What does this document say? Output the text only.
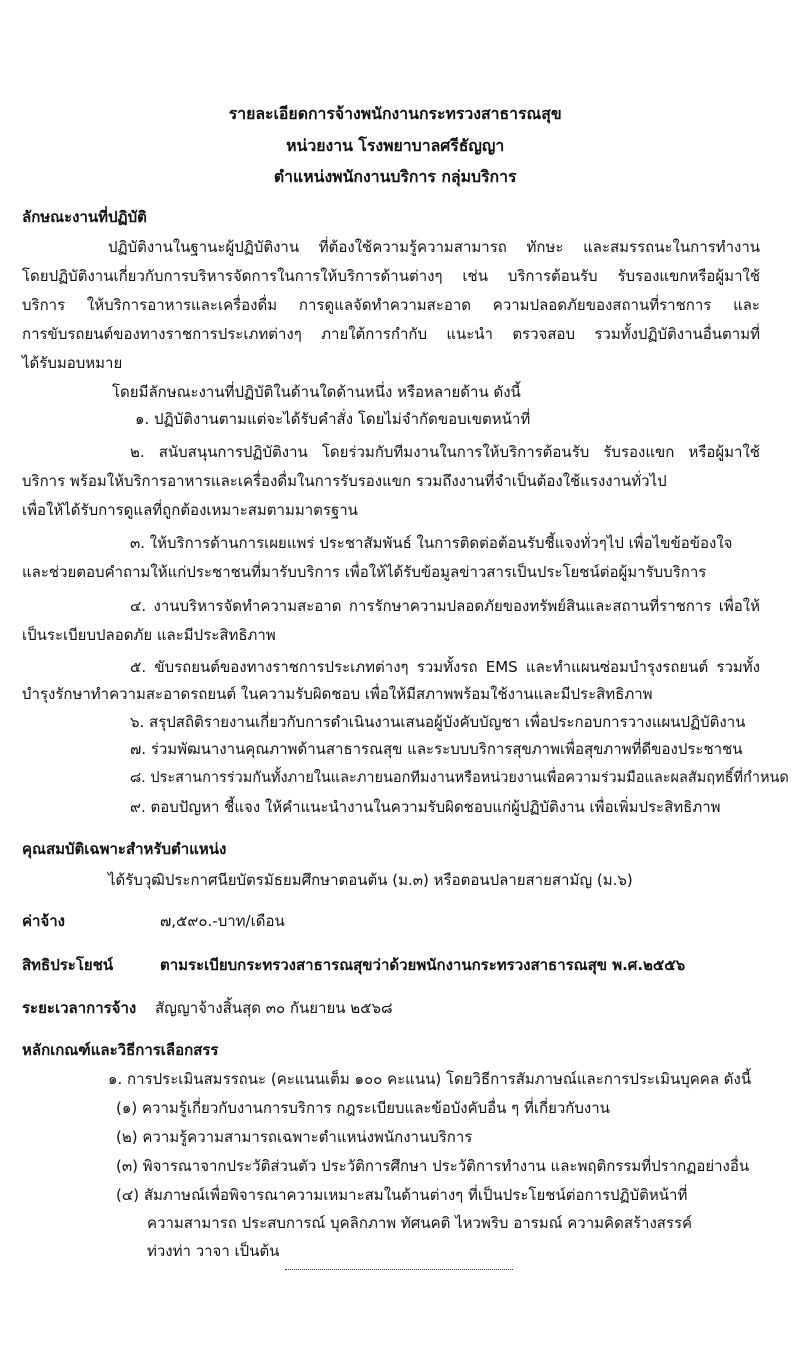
รายละเอียดการจ้างพนักงานกระทรวงสาธารณสุข
หน่วยงาน โรงพยาบาลศรีธัญญา
ตำแหน่งพนักงานบริการ กลุ่มบริการ
ลักษณะงานที่ปฏิบัติ
ปฏิบัติงานในฐานะผู้ปฏิบัติงาน ที่ต้องใช้ความรู้ความสามารถ ทักษะ และสมรรถนะในการทำงาน
โดยปฏิบัติงานเกี่ยวกับการบริหารจัดการในการให้บริการด้านต่างๆ เช่น บริการต้อนรับ รับรองแขกหรือผู้มาใช้
บริการ ให้บริการอาหารและเครื่องดื่ม การดูแลจัดทำความสะอาด ความปลอดภัยของสถานที่ราชการ และ
การขับรถยนต์ของทางราชการประเภทต่างๆ ภายใต้การกำกับ แนะนำ ตรวจสอบ รวมทั้งปฏิบัติงานอื่นตามที่
ได้รับมอบหมาย
โดยมีลักษณะงานที่ปฏิบัติในด้านใดด้านหนึ่ง หรือหลายด้าน ดังนี้
๑. ปฏิบัติงานตามแต่จะได้รับคำสั่ง โดยไม่จำกัดขอบเขตหน้าที่
๒. สนับสนุนการปฏิบัติงาน โดยร่วมกับทีมงานในการให้บริการต้อนรับ รับรองแขก หรือผู้มาใช้
บริการ พร้อมให้บริการอาหารและเครื่องดื่มในการรับรองแขก รวมถึงงานที่จำเป็นต้องใช้แรงงานทั่วไป
เพื่อให้ได้รับการดูแลที่ถูกต้องเหมาะสมตามมาตรฐาน
๓. ให้บริการด้านการเผยแพร่ ประชาสัมพันธ์ ในการติดต่อต้อนรับชี้แจงทั่วๆไป เพื่อไขข้อข้องใจ
และช่วยตอบคำถามให้แก่ประชาชนที่มารับบริการ เพื่อให้ได้รับข้อมูลข่าวสารเป็นประโยชน์ต่อผู้มารับบริการ
๔. งานบริหารจัดทำความสะอาด การรักษาความปลอดภัยของทรัพย์สินและสถานที่ราชการ เพื่อให้
เป็นระเบียบปลอดภัย และมีประสิทธิภาพ
๕. ขับรถยนต์ของทางราชการประเภทต่างๆ รวมทั้งรถ EMS และทำแผนซ่อมบำรุงรถยนต์ รวมทั้ง
บำรุงรักษาทำความสะอาดรถยนต์ ในความรับผิดชอบ เพื่อให้มีสภาพพร้อมใช้งานและมีประสิทธิภาพ
๖. สรุปสถิติรายงานเกี่ยวกับการดำเนินงานเสนอผู้บังคับบัญชา เพื่อประกอบการวางแผนปฏิบัติงาน
๗. ร่วมพัฒนางานคุณภาพด้านสาธารณสุข และระบบบริการสุขภาพเพื่อสุขภาพที่ดีของประชาชน
๘. ประสานการร่วมกันทั้งภายในและภายนอกทีมงานหรือหน่วยงานเพื่อความร่วมมือและผลสัมฤทธิ์ที่กำหนด
๙. ตอบปัญหา ชี้แจง ให้คำแนะนำงานในความรับผิดชอบแก่ผู้ปฏิบัติงาน เพื่อเพิ่มประสิทธิภาพ
คุณสมบัติเฉพาะสำหรับตำแหน่ง
ได้รับวุฒิประกาศนียบัตรมัธยมศึกษาตอนต้น (ม.๓) หรือตอนปลายสายสามัญ (ม.๖)
ค่าจ้าง	๗,๕๙๐.-บาท/เดือน
สิทธิประโยชน์	ตามระเบียบกระทรวงสาธารณสุขว่าด้วยพนักงานกระทรวงสาธารณสุข พ.ศ.๒๕๕๖
ระยะเวลาการจ้าง สัญญาจ้างสิ้นสุด ๓๐ กันยายน ๒๕๖๘
หลักเกณฑ์และวิธีการเลือกสรร
๑. การประเมินสมรรถนะ (คะแนนเต็ม ๑๐๐ คะแนน) โดยวิธีการสัมภาษณ์และการประเมินบุคคล ดังนี้
(๑) ความรู้เกี่ยวกับงานการบริการ กฎระเบียบและข้อบังคับอื่น ๆ ที่เกี่ยวกับงาน
(๒) ความรู้ความสามารถเฉพาะตำแหน่งพนักงานบริการ
(๓) พิจารณาจากประวัติส่วนตัว ประวัติการศึกษา ประวัติการทำงาน และพฤติกรรมที่ปรากฏอย่างอื่น
(๔) สัมภาษณ์เพื่อพิจารณาความเหมาะสมในด้านต่างๆ ที่เป็นประโยชน์ต่อการปฏิบัติหน้าที่
ความสามารถ ประสบการณ์ บุคลิกภาพ ทัศนคติ ไหวพริบ อารมณ์ ความคิดสร้างสรรค์
ท่วงท่า วาจา เป็นต้น
